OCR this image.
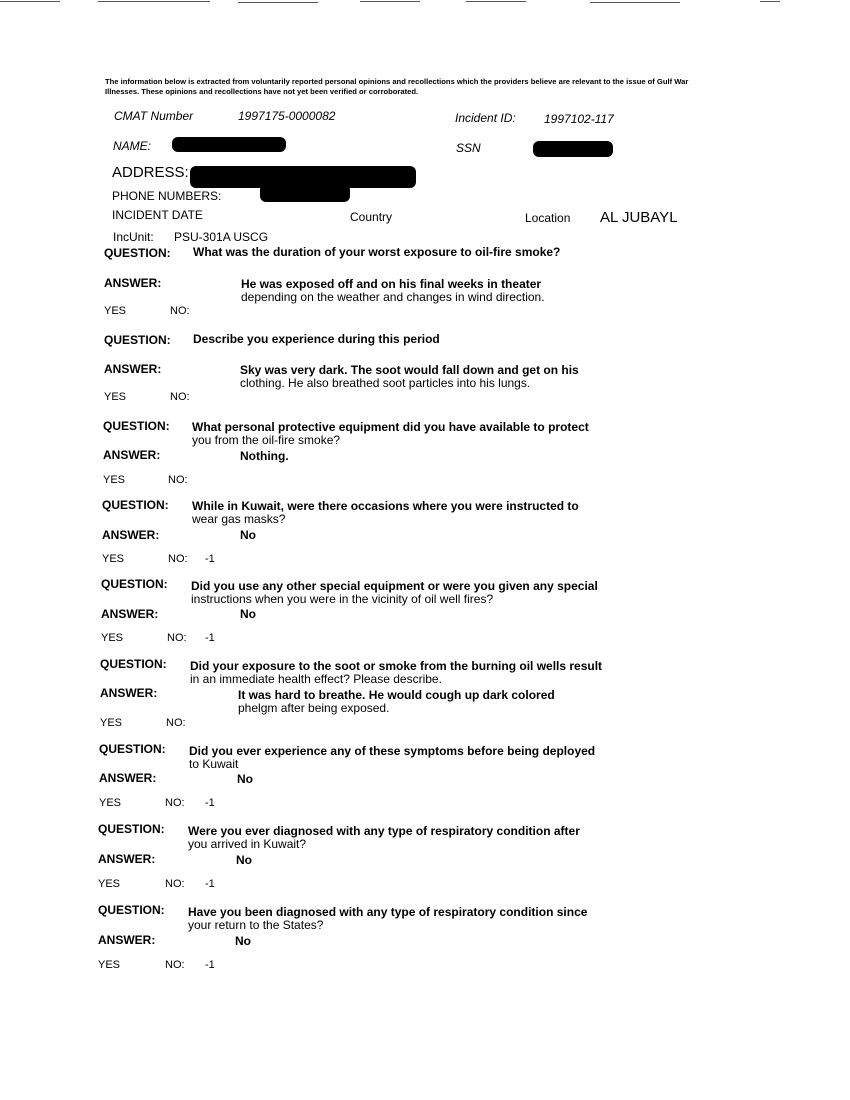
The information below is extracted from voluntarily reported personal opinions and recollections which the providers believe are relevant to the issue of Gulf War Illnesses. These opinions and recollections have not yet been verified or corroborated.
CMAT Number	1997175-0000082	Incident ID: 1997102-117
NAME:	SSN
ADDRESS:
PHONE NUMBERS:
INCIDENT DATE	Country	Location AL JUBAYL
IncUnit: PSU-301A USCG
QUESTION: What was the duration of your worst exposure to oil-fire smoke?
ANSWER:	He was exposed off and on his final weeks in theater
depending on the weather and changes in wind direction.
YES	NO:
QUESTION: Describe you experience during this period
ANSWER:	Sky was very dark. The soot would fall down and get on his
clothing. He also breathed soot particles into his lungs.
YES	NO:
QUESTION: What personal protective equipment did you have available to protect
you from the oil-fire smoke?
ANSWER:	Nothing.
YES	NO:
QUESTION: While in Kuwait, were there occasions where you were instructed to
wear gas masks?
ANSWER:	No
YES	NO: -1
QUESTION: Did you use any other special equipment or were you given any special
instructions when you were in the vicinity of oil well fires?
ANSWER:	No
YES	NO: -1
QUESTION: Did your exposure to the soot or smoke from the burning oil wells result
in an immediate health effect? Please describe.
ANSWER:	It was hard to breathe. He would cough up dark colored
phelgm after being exposed.
YES	NO:
QUESTION: Did you ever experience any of these symptoms before being deployed
to Kuwait
ANSWER:	No
YES	NO: -1
QUESTION: Were you ever diagnosed with any type of respiratory condition after
you arrived in Kuwait?
ANSWER:	No
YES	NO: -1
QUESTION: Have you been diagnosed with any type of respiratory condition since
your return to the States?
ANSWER:	No
YES	NO: -1
